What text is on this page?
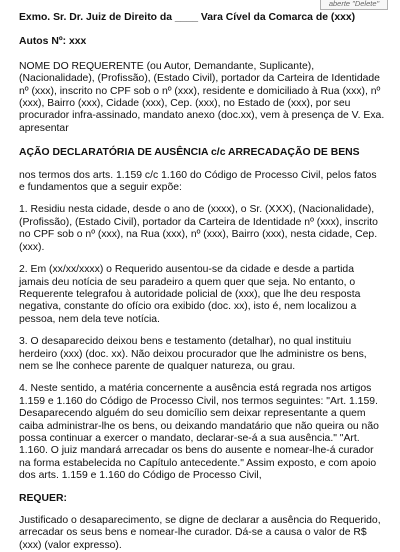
aberte "Delete"

Exmo. Sr. Dr. Juiz de Direito da ____ Vara Cível da Comarca de (xxx)

Autos Nº: xxx

NOME DO REQUERENTE (ou Autor, Demandante, Suplicante), (Nacionalidade), (Profissão), (Estado Civil), portador da Carteira de Identidade nº (xxx), inscrito no CPF sob o nº (xxx), residente e domiciliado à Rua (xxx), nº (xxx), Bairro (xxx), Cidade (xxx), Cep. (xxx), no Estado de (xxx), por seu procurador infra-assinado, mandato anexo (doc.xx), vem à presença de V. Exa. apresentar

AÇÃO DECLARATÓRIA DE AUSÊNCIA c/c ARRECADAÇÃO DE BENS

nos termos dos arts. 1.159 c/c 1.160 do Código de Processo Civil, pelos fatos e fundamentos que a seguir expõe:

1. Residiu nesta cidade, desde o ano de (xxxx), o Sr. (XXX), (Nacionalidade), (Profissão), (Estado Civil), portador da Carteira de Identidade nº (xxx), inscrito no CPF sob o nº (xxx), na Rua (xxx), nº (xxx), Bairro (xxx), nesta cidade, Cep. (xxx).

2. Em (xx/xx/xxxx) o Requerido ausentou-se da cidade e desde a partida jamais deu notícia de seu paradeiro a quem quer que seja. No entanto, o Requerente telegrafou à autoridade policial de (xxx), que lhe deu resposta negativa, constante do ofício ora exibido (doc. xx), isto é, nem localizou a pessoa, nem dela teve notícia.

3. O desaparecido deixou bens e testamento (detalhar), no qual instituiu herdeiro (xxx) (doc. xx). Não deixou procurador que lhe administre os bens, nem se lhe conhece parente de qualquer natureza, ou grau.

4. Neste sentido, a matéria concernente a ausência está regrada nos artigos 1.159 e 1.160 do Código de Processo Civil, nos termos seguintes: "Art. 1.159. Desaparecendo alguém do seu domicílio sem deixar representante a quem caiba administrar-lhe os bens, ou deixando mandatário que não queira ou não possa continuar a exercer o mandato, declarar-se-á a sua ausência." "Art. 1.160. O juiz mandará arrecadar os bens do ausente e nomear-lhe-á curador na forma estabelecida no Capítulo antecedente." Assim exposto, e com apoio dos arts. 1.159 e 1.160 do Código de Processo Civil,

REQUER:

Justificado o desaparecimento, se digne de declarar a ausência do Requerido, arrecadar os seus bens e nomear-lhe curador. Dá-se a causa o valor de R$ (xxx) (valor expresso).
